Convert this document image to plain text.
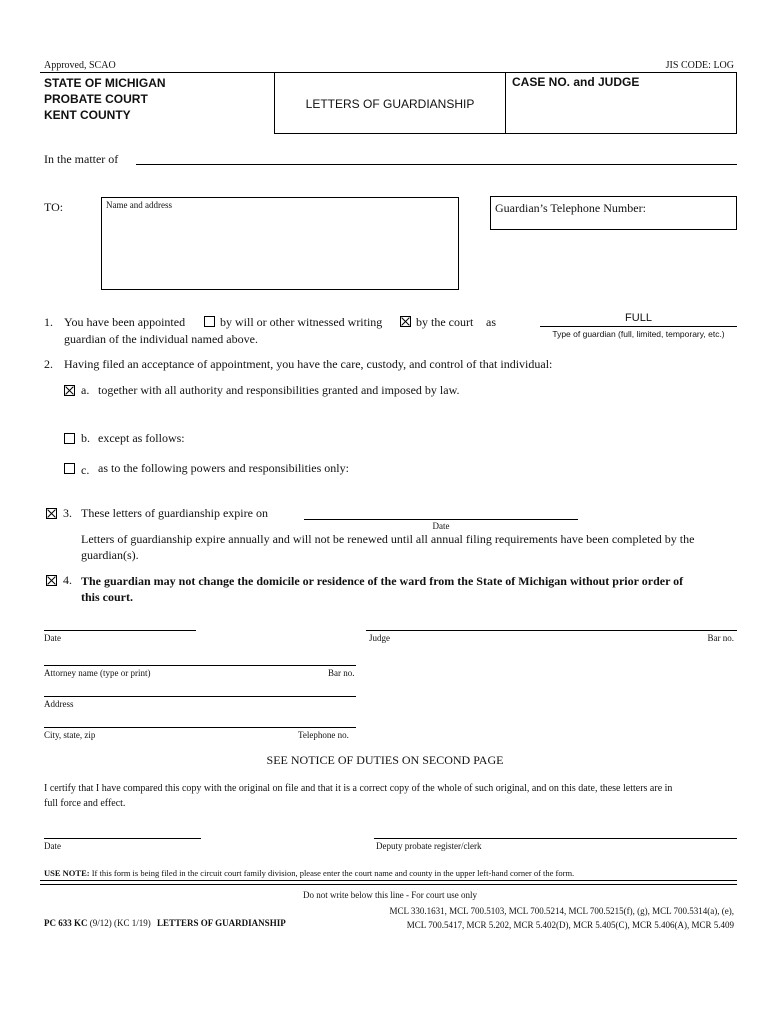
Approved, SCAO	JIS CODE: LOG
STATE OF MICHIGAN
PROBATE COURT
KENT COUNTY
LETTERS OF GUARDIANSHIP
CASE NO. and JUDGE
In the matter of
TO:	Name and address	Guardian’s Telephone Number:
1. You have been appointed	by will or other witnessed writing	by the court as	FULL
Type of guardian (full, limited, temporary, etc.)
guardian of the individual named above.
2. Having filed an acceptance of appointment, you have the care, custody, and control of that individual:
a. together with all authority and responsibilities granted and imposed by law.
b. except as follows:
c. as to the following powers and responsibilities only:
3. These letters of guardianship expire on
Date
Letters of guardianship expire annually and will not be renewed until all annual filing requirements have been completed by the guardian(s).
4. The guardian may not change the domicile or residence of the ward from the State of Michigan without prior order of this court.
Date	Judge	Bar no.
Attorney name (type or print)	Bar no.
Address
City, state, zip	Telephone no.
SEE NOTICE OF DUTIES ON SECOND PAGE
I certify that I have compared this copy with the original on file and that it is a correct copy of the whole of such original, and on this date, these letters are in full force and effect.
Date	Deputy probate register/clerk
USE NOTE: If this form is being filed in the circuit court family division, please enter the court name and county in the upper left-hand corner of the form.
Do not write below this line - For court use only
PC 633 KC (9/12) (KC 1/19) LETTERS OF GUARDIANSHIP
MCL 330.1631, MCL 700.5103, MCL 700.5214, MCL 700.5215(f), (g), MCL 700.5314(a), (e),
MCL 700.5417, MCR 5.202, MCR 5.402(D), MCR 5.405(C), MCR 5.406(A), MCR 5.409
